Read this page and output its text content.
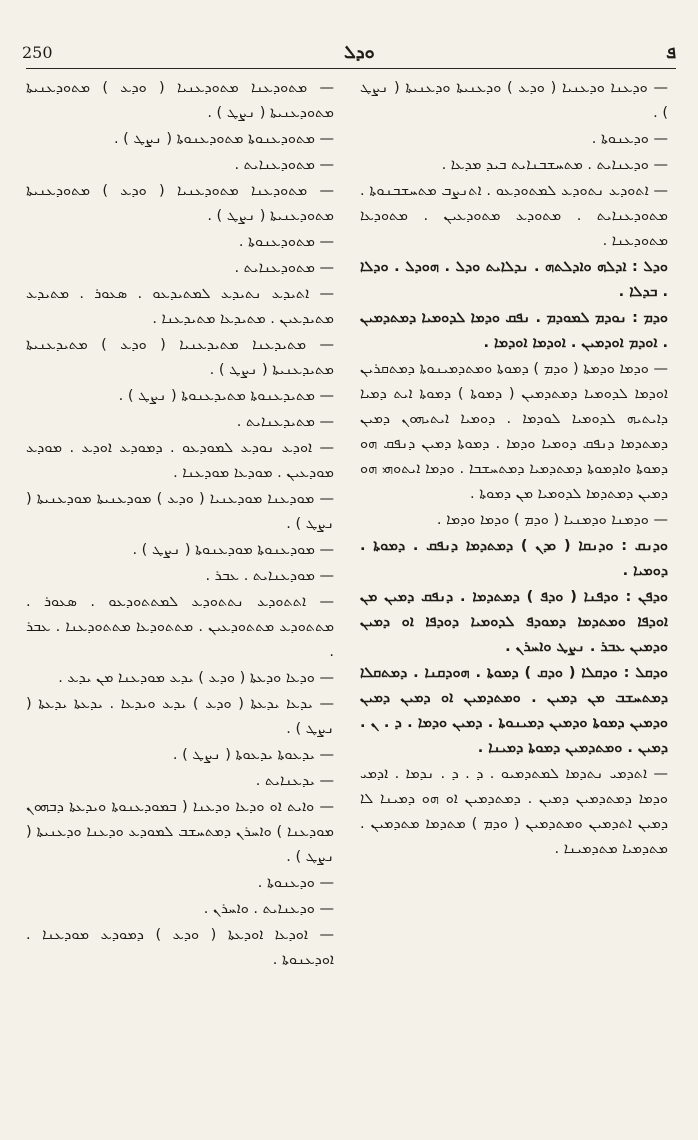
250	ܘܕܠ	ܦ

— ܡܬܘܕܥܢܐ ܡܬܘܕܥܢܝܐ ( ܘܕܥ ) ܡܬܘܕܥܢܝܬܐ ܡܬܘܕܥܢܝܬܐ ( ܢܨܛ ) .

— ܡܬܘܕܥܢܘܬܐ ܡܬܘܕܥܢܘܬܐ ( ܢܨܛ ) .

— ܡܬܘܕܥܢܐܝܬ .

— ܡܬܘܕܥܢܐ ܡܬܘܕܥܢܝܐ ( ܘܕܥ ) ܡܬܘܕܥܢܝܬܐ ܡܬܘܕܥܢܝܬܐ ( ܢܨܛ ) .

— ܡܬܘܕܥܢܘܬܐ .

— ܡܬܘܕܥܢܐܝܬ .

— ܐܬܝܕܥ ܢܬܝܕܥ ܠܡܬܝܕܥܘ . ܣܥܘܪ . ܡܬܝܕܥ ܡܬܝܕܥܝܢ . ܡܬܝܕܥܐ ܡܬܝܕܥܢܐ .

— ܡܬܝܕܥܢܐ ܡܬܝܕܥܢܝܐ ( ܘܕܥ ) ܡܬܝܕܥܢܝܬܐ ܡܬܝܕܥܢܝܬܐ ( ܢܨܛ ) .

— ܡܬܝܕܥܢܘܬܐ ܡܬܝܕܥܢܘܬܐ ( ܢܨܛ ) .

— ܡܬܝܕܥܢܐܝܬ .

— ܐܘܕܥ ܢܘܕܥ ܠܡܘܕܥܘ . ܕܡܘܕܥ ܐܘܕܥ . ܡܘܕܥ ܡܘܕܥܝܢ . ܡܘܕܥܐ ܡܘܕܥܢܐ .

— ܡܘܕܥܢܐ ܡܘܕܥܢܝܐ ( ܘܕܥ ) ܡܘܕܥܢܝܬܐ ܡܘܕܥܢܝܬܐ ( ܢܨܛ ) .

— ܡܘܕܥܢܘܬܐ ܡܘܕܥܢܘܬܐ ( ܢܨܛ ) .

— ܡܘܕܥܢܐܝܬ . ܥܒܪ .

— ܐܬܬܘܕܥ ܢܬܬܘܕܥ ܠܡܬܬܘܕܥܘ . ܣܥܘܪ . ܡܬܬܘܕܥ ܡܬܬܘܕܥܝܢ . ܡܬܬܘܕܥܐ ܡܬܬܘܕܥܢܐ . ܥܒܪ .

— ܘܕܥܐ ܘܕܥܬܐ ( ܘܕܥ ) ܝܕܥ ܡܘܕܥܢܐ ܡܢ ܝܕܥ .

— ܝܕܥܐ ܝܕܥܬܐ ( ܘܕܥ ) ܝܕܥ ܘܝܕܥܐ . ܝܕܥܬܐ ܝܕܥܬܐ ( ܢܨܛ ) .

— ܝܕܥܘܬܐ ܝܕܥܘܬܐ ( ܢܨܛ ) .

— ܝܕܥܢܐܝܬ .

— ܘܐܝܬ ܐܘ ܘܕܥܐ ܘܕܥܢܐ ( ܒܡܘܕܥܢܘܬܐ ܘܝܕܥܬܐ ܕܒܗܘܢ ܡܘܕܥܢܐ ) ܘܐܚܪܢ ܕܡܬܚܫܒ ܠܡܘܕܥ ܘܕܥܢܐ ܘܕܥܢܝܬܐ ( ܢܨܛ ) .

— ܘܕܥܢܘܬܐ .

— ܘܕܥܢܐܝܬ . ܘܐܚܪܢ .

— ܐܘܕܥܐ ܐܘܕܥܬܐ ( ܘܕܥ ) ܕܡܘܕܥ ܡܘܕܥܢܐ . ܐܘܕܥܢܘܬܐ .

— ܘܕܥܢܐ ܘܕܥܢܝܐ ( ܘܕܥ ) ܘܕܥܢܝܬܐ ܘܕܥܢܝܬܐ ( ܢܨܛ ) .

— ܘܕܥܢܘܬܐ .

— ܘܕܥܢܐܝܬ . ܡܬܚܫܒܢܐܝܬ ܒܝܕ ܡܕܥܐ .

— ܐܬܘܕܥ ܢܬܘܕܥ ܠܡܬܘܕܥܘ . ܐܬܢܨܒ ܡܬܚܫܒܢܘܬܐ . ܡܬܘܕܥܢܐܝܬ . ܡܬܘܕܥ ܡܬܘܕܥܝܢ . ܡܬܘܕܥܐ ܡܬܘܕܥܢܐ .

ܘܕܠ : ܐܕܠܗ ܘܐܕܠܬܗ . ܢܕܠܐܝܬ ܘܕܠ . ܗܘܕܠ . ܘܕܠܐ . ܒܕܠܐ .

ܘܕܡ : ܢܘܕܡ ܠܡܘܕܡ . ܢܦܩ ܘܕܡܐ ܠܕܘܡܝܐ ܕܡܬܕܡܝܢ . ܐܘܕܡ ܐܘܕܡܝܢ . ܐܘܕܡܐ ܐܘܕܡܐ .

— ܘܕܡܐ ܘܕܡܬܐ ( ܘܕܡ ) ܕܡܘܬܐ ܘܡܬܕܡܝܢܘܬܐ ܕܡܬܩܪܝܢ ܐܘܕܡܐ ܠܕܘܡܝܐ ܕܡܬܕܡܝܢ ( ܕܡܘܬܐ ) ܕܡܘܬܐ ܐܝܬ ܕܡܝܐ ܕܐܝܬܝܗ ܠܕܘܡܝܐ ܠܘܕܡܐ . ܕܘܡܝܐ ܐܝܬܝܗܘܢ ܕܡܝܢ ܕܡܬܕܡܐ ܕܢܦܩ ܕܘܡܝܐ ܘܕܡܐ . ܕܡܘܬܐ ܕܡܝܢ ܕܢܦܩ ܗܘ ܕܡܘܬܐ ܘܐܕܡܘܬܐ ܕܡܬܕܡܝܐ ܕܡܬܚܫܒܐ . ܘܕܡܐ ܐܝܬܘܗܝ ܗܘ ܕܡܝܢ ܕܡܬܕܡܐ ܠܕܘܡܝܐ ܡܢ ܕܡܘܬܐ .

— ܘܕܡܢܐ ܘܕܡܢܝܐ ( ܘܕܡ ) ܘܕܡܐ ܘܕܡܐ .

ܘܕܢܩ : ܘܕܢܩܐ ( ܘܕܢ ) ܕܡܬܕܡܐ ܕܢܦܩ . ܕܡܘܬܐ . ܕܘܡܝܐ .

ܘܕܦܢ : ܘܕܦܢܐ ( ܘܕܦ ) ܕܡܬܕܡܐ . ܕܢܦܩ ܕܡܝܢ ܡܢ ܐܘܕܦܐ ܘܡܬܕܡܐ ܕܡܘܕܦ ܠܕܘܡܝܐ ܕܘܕܦܐ ܐܘ ܕܡܝܢ ܘܕܡܝܢ ܥܒܪ . ܢܨܛ ܘܐܚܪܢ .

ܘܕܩܠ : ܘܕܩܠܐ ( ܘܕܩ ) ܕܡܘܬܐ . ܗܘܕܩܢܐ . ܕܡܬܩܠܐ ܕܡܬܚܫܒ ܡܢ ܕܡܝܢ . ܘܡܬܕܡܝܢ ܐܘ ܕܡܝܢ ܕܡܝܢ ܘܕܡܝܢ ܕܡܘܬܐ ܘܕܡܝܢ ܕܡܝܢܘܬܐ . ܕܡܝܢ ܘܕܡܐ . ܕ . ܢ . ܕܡܝܢ . ܘܡܬܕܡܝܢ ܕܡܘܬܐ ܕܡܝܢܐ .

— ܐܬܕܡܝ ܢܬܕܡܐ ܠܡܬܕܡܝܘ . ܕ . ܕ . ܢܕܡܐ . ܐܕܡܝ ܘܕܡܐ ܕܡܬܕܡܝܢ ܕܡܝܢ . ܕܡܬܕܡܝܢ ܐܘ ܗܘ ܕܡܝܢܐ ܠܐ ܕܡܝܢ ܐܬܕܡܝܢ ܘܡܬܕܡܝܢ ( ܘܕܡ ) ܡܬܕܡܐ ܡܬܕܡܝܢ . ܡܬܕܡܝܐ ܡܬܕܡܝܢܐ .
